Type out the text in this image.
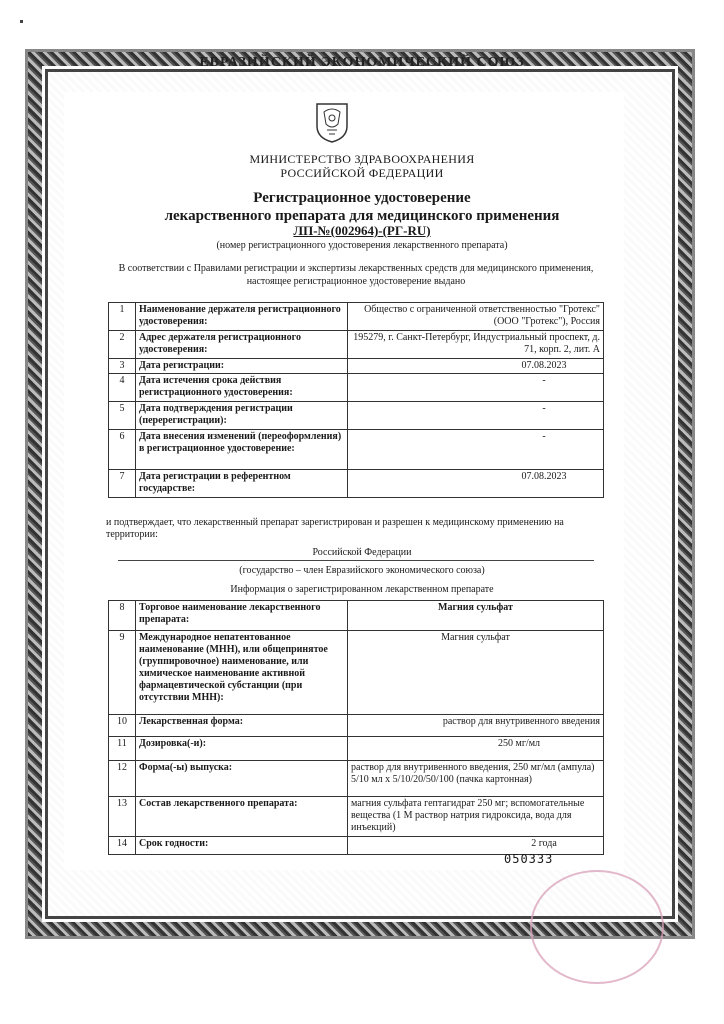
ЕВРАЗИЙСКИЙ ЭКОНОМИЧЕСКИЙ СОЮЗ
МИНИСТЕРСТВО ЗДРАВООХРАНЕНИЯ
РОССИЙСКОЙ ФЕДЕРАЦИИ
Регистрационное удостоверение
лекарственного препарата для медицинского применения
ЛП-№(002964)-(РГ-RU)
(номер регистрационного удостоверения лекарственного препарата)
В соответствии с Правилами регистрации и экспертизы лекарственных средств для медицинского применения, настоящее регистрационное удостоверение выдано
1	Наименование держателя регистрационного удостоверения:	Общество с ограниченной ответственностью "Гротекс" (ООО "Гротекс"), Россия
2	Адрес держателя регистрационного удостоверения:	195279, г. Санкт-Петербург, Индустриальный проспект, д. 71, корп. 2, лит. А
3	Дата регистрации:	07.08.2023
4	Дата истечения срока действия регистрационного удостоверения:	-
5	Дата подтверждения регистрации (перерегистрации):	-
6	Дата внесения изменений (переоформления) в регистрационное удостоверение:	-
7	Дата регистрации в референтном государстве:	07.08.2023
и подтверждает, что лекарственный препарат зарегистрирован и разрешен к медицинскому применению на территории:
Российской Федерации
(государство – член Евразийского экономического союза)
Информация о зарегистрированном лекарственном препарате
8	Торговое наименование лекарственного препарата:	Магния сульфат
9	Международное непатентованное наименование (МНН), или общепринятое (группировочное) наименование, или химическое наименование активной фармацевтической субстанции (при отсутствии МНН):	Магния сульфат
10	Лекарственная форма:	раствор для внутривенного введения
11	Дозировка(-и):	250 мг/мл
12	Форма(-ы) выпуска:	раствор для внутривенного введения, 250 мг/мл (ампула) 5/10 мл x 5/10/20/50/100 (пачка картонная)
13	Состав лекарственного препарата:	магния сульфата гептагидрат 250 мг; вспомогательные вещества (1 М раствор натрия гидроксида, вода для инъекций)
14	Срок годности:	2 года
050333
